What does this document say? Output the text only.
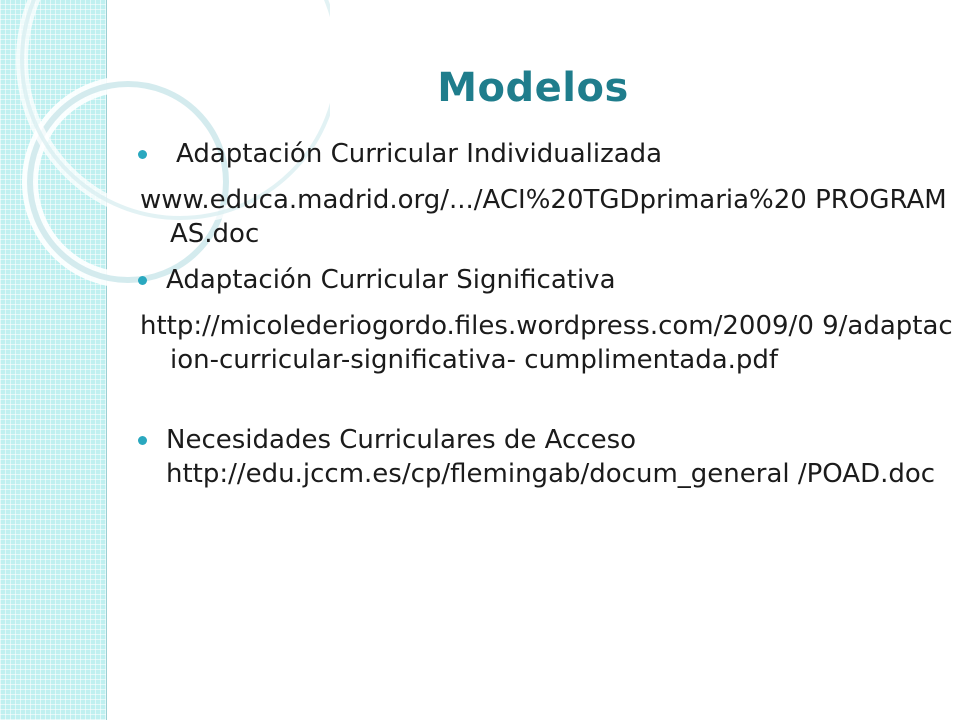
Modelos

Adaptación Curricular Individualizada

www.educa.madrid.org/.../ACI%20TGDprimaria%20 PROGRAMAS.doc

Adaptación Curricular Significativa

http://micolederiogordo.files.wordpress.com/2009/0 9/adaptacion-curricular-significativa- cumplimentada.pdf

Necesidades Curriculares de Acceso
http://edu.jccm.es/cp/flemingab/docum_general /POAD.doc
